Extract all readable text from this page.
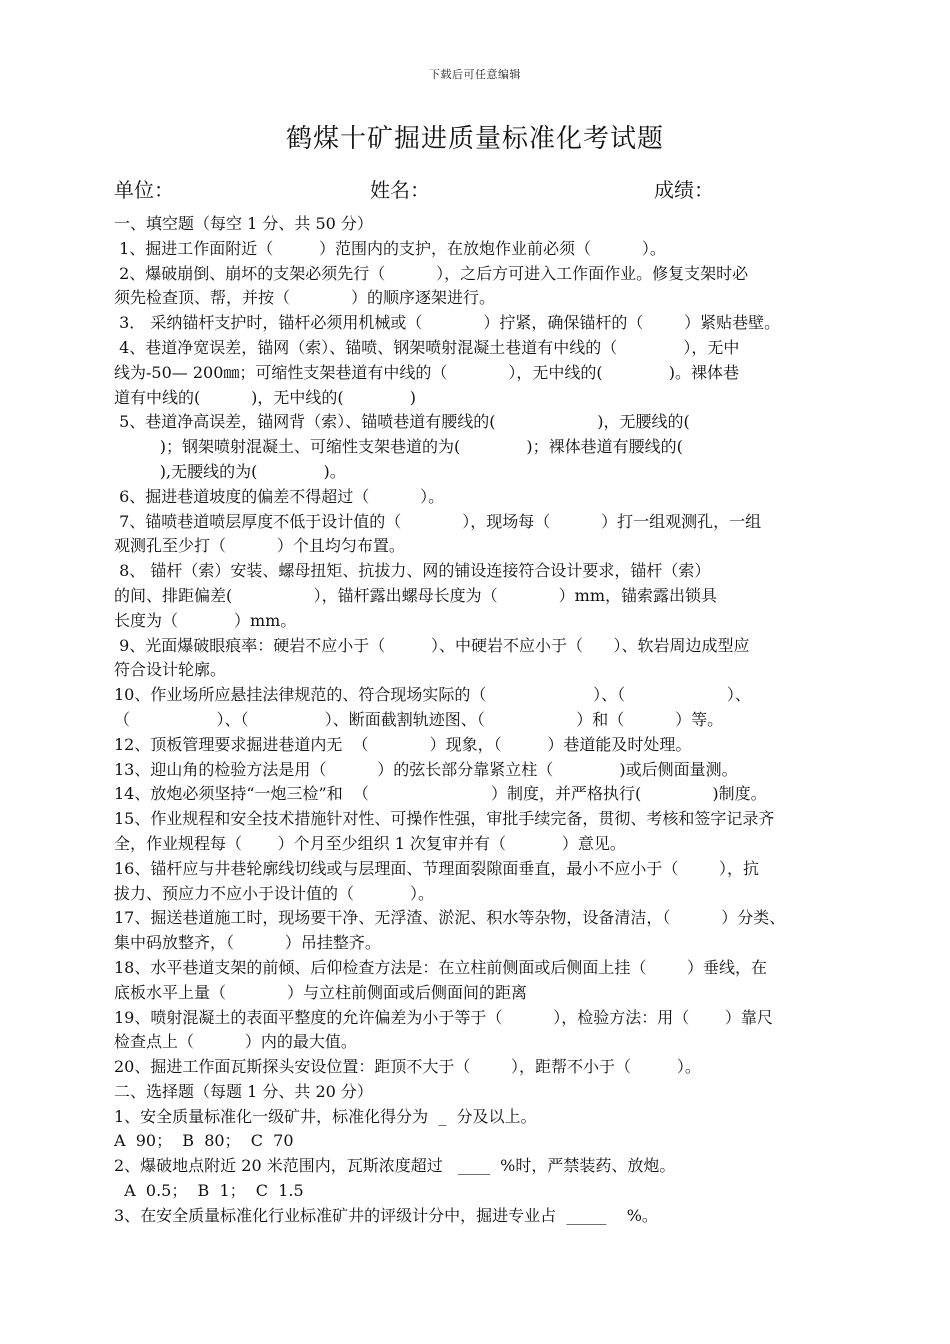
下载后可任意编辑
鹤煤十矿掘进质量标准化考试题
单位：	姓名：	成绩：
一、填空题（每空 1 分、共 50 分）
1、掘进工作面附近（         ）范围内的支护，在放炮作业前必须（          ）。
2、爆破崩倒、崩坏的支架必须先行（          ），之后方可进入工作面作业。修复支架时必
须先检查顶、帮，并按（            ）的顺序逐架进行。
3． 采纳锚杆支护时，锚杆必须用机械或（            ）拧紧，确保锚杆的（        ）紧贴巷壁。
4、巷道净宽误差，锚网（索）、锚喷、钢架喷射混凝土巷道有中线的（             ），无中
线为-50— 200㎜；可缩性支架巷道有中线的（            ），无中线的(             )。裸体巷
道有中线的(          )，无中线的(             )
5、巷道净高误差，锚网背（索）、锚喷巷道有腰线的(                    )，无腰线的(
)；钢架喷射混凝土、可缩性支架巷道的为(             )；裸体巷道有腰线的(
),无腰线的为(             )。
6、掘进巷道坡度的偏差不得超过（          ）。
7、锚喷巷道喷层厚度不低于设计值的（            ），现场每（          ）打一组观测孔，一组
观测孔至少打（          ）个且均匀布置。
8、 锚杆（索）安装、螺母扭矩、抗拔力、网的铺设连接符合设计要求，锚杆（索）
的间、排距偏差(                ），锚杆露出螺母长度为（            ）mm，锚索露出锁具
长度为（           ）mm。
9、光面爆破眼痕率：硬岩不应小于（         ）、中硬岩不应小于（      ）、软岩周边成型应
符合设计轮廓。
10、作业场所应悬挂法律规范的、符合现场实际的（                     ）、（                    ）、
（                 ）、（               ）、断面截割轨迹图、（                  ）和（          ）等。
12、顶板管理要求掘进巷道内无  （            ）现象，（         ）巷道能及时处理。
13、迎山角的检验方法是用（          ）的弦长部分靠紧立柱（             )或后侧面量测。
14、放炮必须坚持“一炮三检”和  （                        ）制度，并严格执行(              )制度。
15、作业规程和安全技术措施针对性、可操作性强，审批手续完备，贯彻、考核和签字记录齐
全，作业规程每（       ）个月至少组织 1 次复审并有（           ）意见。
16、锚杆应与井巷轮廓线切线或与层理面、节理面裂隙面垂直，最小不应小于（        ），抗
拔力、预应力不应小于设计值的（           ）。
17、掘送巷道施工时，现场要干净、无浮渣、淤泥、积水等杂物，设备清洁，（          ）分类、
集中码放整齐，（          ）吊挂整齐。
18、水平巷道支架的前倾、后仰检查方法是：在立柱前侧面或后侧面上挂（        ）垂线，在
底板水平上量（            ）与立柱前侧面或后侧面间的距离
19、喷射混凝土的表面平整度的允许偏差为小于等于（          ），检验方法：用（       ）靠尺
检查点上（          ）内的最大值。
20、掘进工作面瓦斯探头安设位置：距顶不大于（        ），距帮不小于（         ）。
二、选择题（每题 1 分、共 20 分）
1、安全质量标准化一级矿井，标准化得分为  _  分及以上。
A  90；  B  80；  C  70
2、爆破地点附近 20 米范围内，瓦斯浓度超过   ____  %时，严禁装药、放炮。
A  0.5；  B  1；  C  1.5
3、在安全质量标准化行业标准矿井的评级计分中，掘进专业占  _____    %。
